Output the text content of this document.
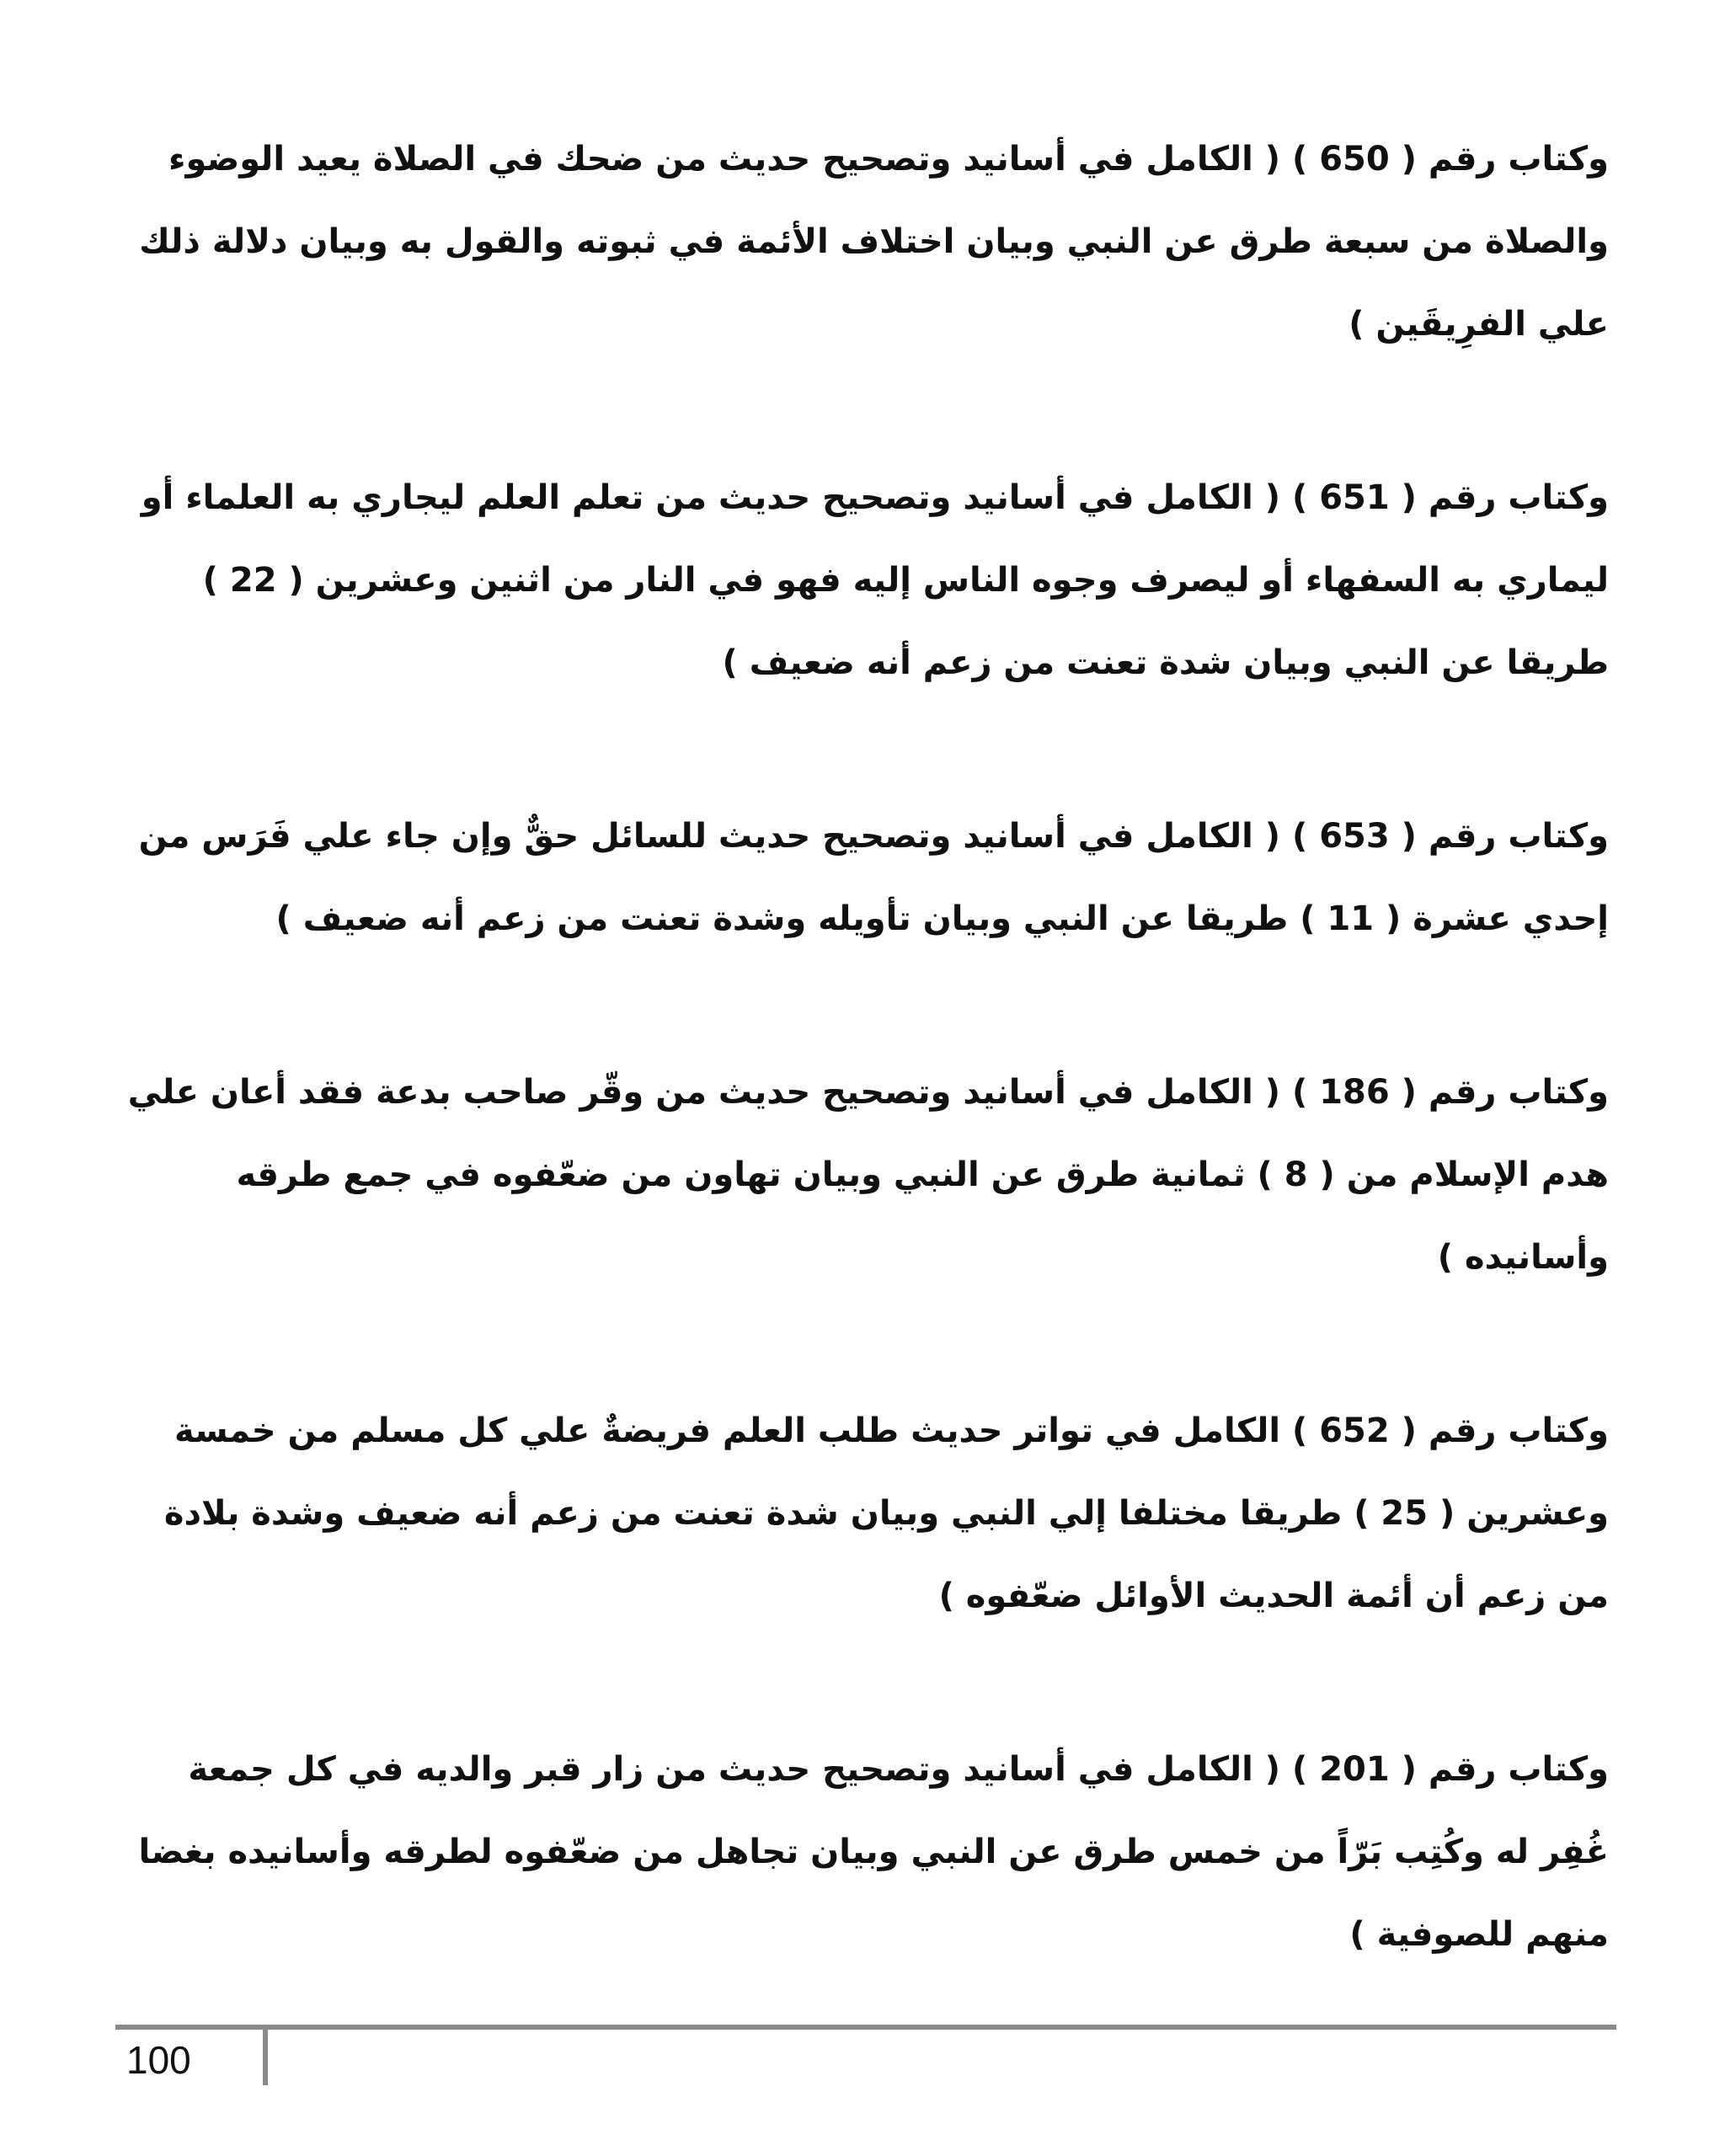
وكتاب رقم ( 650 ) ( الكامل في أسانيد وتصحيح حديث من ضحك في الصلاة يعيد الوضوء والصلاة من سبعة طرق عن النبي وبيان اختلاف الأئمة في ثبوته والقول به وبيان دلالة ذلك علي الفرِيقَين )

وكتاب رقم ( 651 ) ( الكامل في أسانيد وتصحيح حديث من تعلم العلم ليجاري به العلماء أو ليماري به السفهاء أو ليصرف وجوه الناس إليه فهو في النار من اثنين وعشرين ( 22 ) طريقا عن النبي وبيان شدة تعنت من زعم أنه ضعيف )

وكتاب رقم ( 653 ) ( الكامل في أسانيد وتصحيح حديث للسائل حقٌّ وإن جاء علي فَرَس من إحدي عشرة ( 11 ) طريقا عن النبي وبيان تأويله وشدة تعنت من زعم أنه ضعيف )

وكتاب رقم ( 186 ) ( الكامل في أسانيد وتصحيح حديث من وقّر صاحب بدعة فقد أعان علي هدم الإسلام من ( 8 ) ثمانية طرق عن النبي وبيان تهاون من ضعّفوه في جمع طرقه وأسانيده )

وكتاب رقم ( 652 ) الكامل في تواتر حديث طلب العلم فريضةٌ علي كل مسلم من خمسة وعشرين ( 25 ) طريقا مختلفا إلي النبي وبيان شدة تعنت من زعم أنه ضعيف وشدة بلادة من زعم أن أئمة الحديث الأوائل ضعّفوه )

وكتاب رقم ( 201 ) ( الكامل في أسانيد وتصحيح حديث من زار قبر والديه في كل جمعة غُفِر له وكُتِب بَرّاً من خمس طرق عن النبي وبيان تجاهل من ضعّفوه لطرقه وأسانيده بغضا منهم للصوفية )

100
